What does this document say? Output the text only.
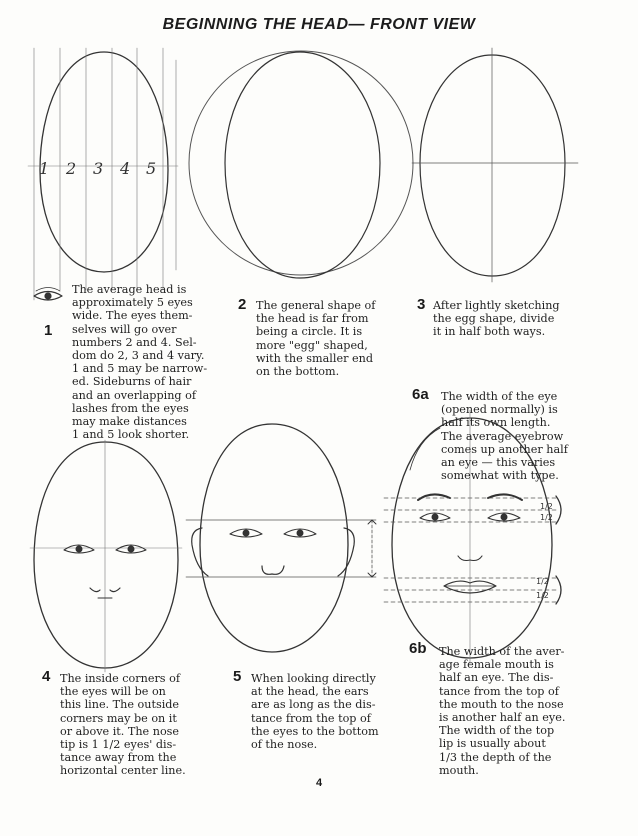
BEGINNING THE HEAD— FRONT VIEW
1 2 3 4 5
1/2
1/2
1/2
1/2
1
The average head is
approximately 5 eyes
wide. The eyes them-
selves will go over
numbers 2 and 4. Sel-
dom do 2, 3 and 4 vary.
1 and 5 may be narrow-
ed. Sideburns of hair
and an overlapping of
lashes from the eyes
may make distances
1 and 5 look shorter.
2 The general shape of
the head is far from
being a circle. It is
more "egg" shaped,
with the smaller end
on the bottom.
3 After lightly sketching
the egg shape, divide
it in half both ways.
6a The width of the eye
(opened normally) is
half its own length.
The average eyebrow
comes up another half
an eye — this varies
somewhat with type.
4 The inside corners of
the eyes will be on
this line. The outside
corners may be on it
or above it. The nose
tip is 1 1/2 eyes' dis-
tance away from the
horizontal center line.
5 When looking directly
at the head, the ears
are as long as the dis-
tance from the top of
the eyes to the bottom
of the nose.
6b The width of the aver-
age female mouth is
half an eye. The dis-
tance from the top of
the mouth to the nose
is another half an eye.
The width of the top
lip is usually about
1/3 the depth of the
mouth.
4
